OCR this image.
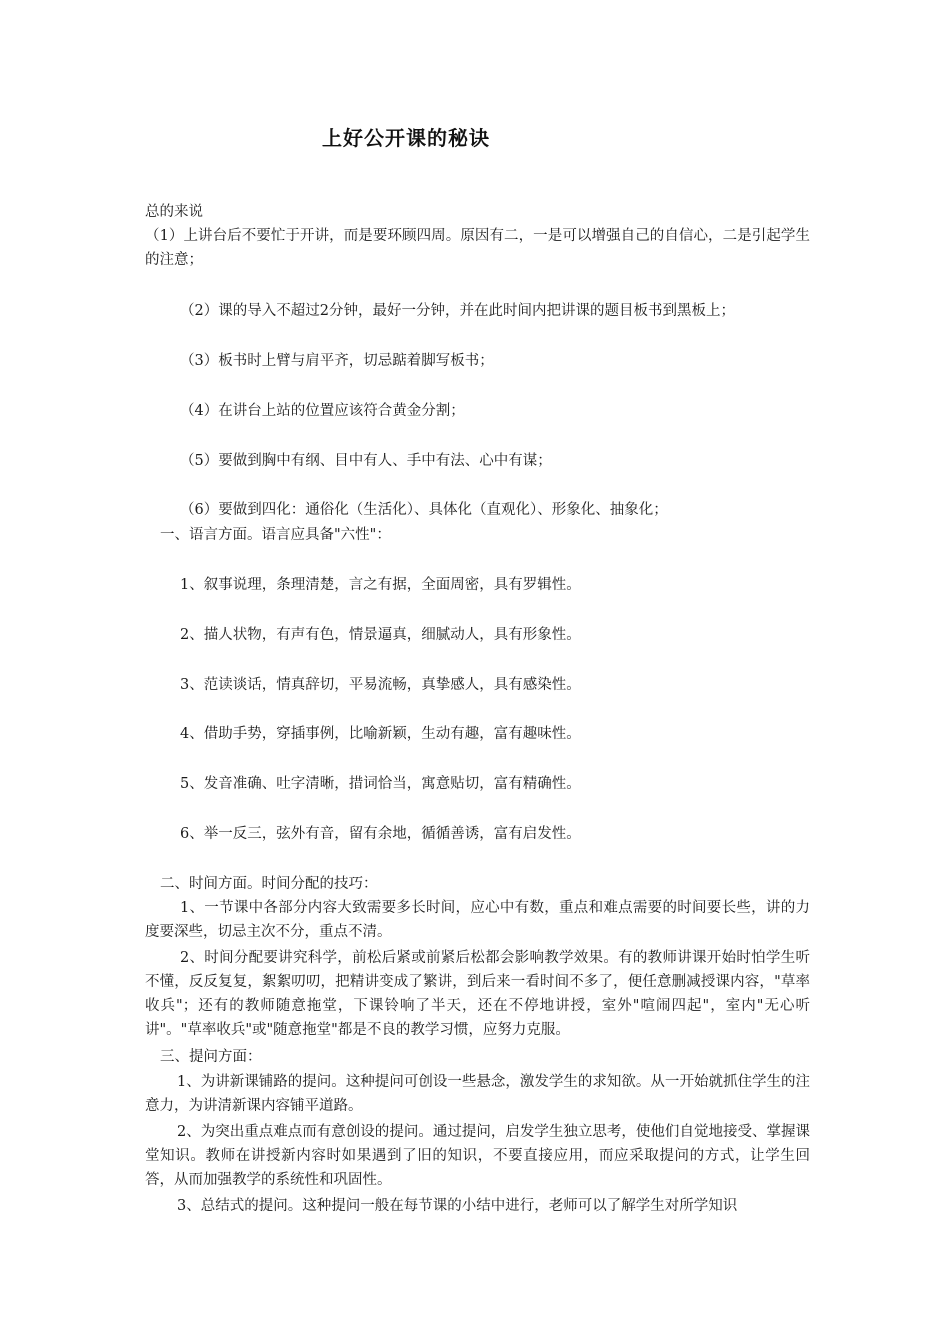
上好公开课的秘诀
总的来说
（1）上讲台后不要忙于开讲，而是要环顾四周。原因有二，一是可以增强自己的自信心，二是引起学生的注意；
（2）课的导入不超过2分钟，最好一分钟，并在此时间内把讲课的题目板书到黑板上；
（3）板书时上臂与肩平齐，切忌踮着脚写板书；
（4）在讲台上站的位置应该符合黄金分割；
（5）要做到胸中有纲、目中有人、手中有法、心中有谋；
（6）要做到四化：通俗化（生活化）、具体化（直观化）、形象化、抽象化；
一、语言方面。语言应具备"六性"：
1、叙事说理，条理清楚，言之有据，全面周密，具有罗辑性。
2、描人状物，有声有色，情景逼真，细腻动人，具有形象性。
3、范读谈话，情真辞切，平易流畅，真挚感人，具有感染性。
4、借助手势，穿插事例，比喻新颖，生动有趣，富有趣味性。
5、发音准确、吐字清晰，措词恰当，寓意贴切，富有精确性。
6、举一反三，弦外有音，留有余地，循循善诱，富有启发性。
二、时间方面。时间分配的技巧：
1、一节课中各部分内容大致需要多长时间，应心中有数，重点和难点需要的时间要长些，讲的力度要深些，切忌主次不分，重点不清。
2、时间分配要讲究科学，前松后紧或前紧后松都会影响教学效果。有的教师讲课开始时怕学生听不懂，反反复复，絮絮叨叨，把精讲变成了繁讲，到后来一看时间不多了，便任意删减授课内容，"草率收兵"；还有的教师随意拖堂，下课铃响了半天，还在不停地讲授，室外"喧闹四起"，室内"无心听讲"。"草率收兵"或"随意拖堂"都是不良的教学习惯，应努力克服。
三、提问方面：
1、为讲新课铺路的提问。这种提问可创设一些悬念，激发学生的求知欲。从一开始就抓住学生的注意力，为讲清新课内容铺平道路。
2、为突出重点难点而有意创设的提问。通过提问，启发学生独立思考，使他们自觉地接受、掌握课堂知识。教师在讲授新内容时如果遇到了旧的知识，不要直接应用，而应采取提问的方式，让学生回答，从而加强教学的系统性和巩固性。
3、总结式的提问。这种提问一般在每节课的小结中进行，老师可以了解学生对所学知识
